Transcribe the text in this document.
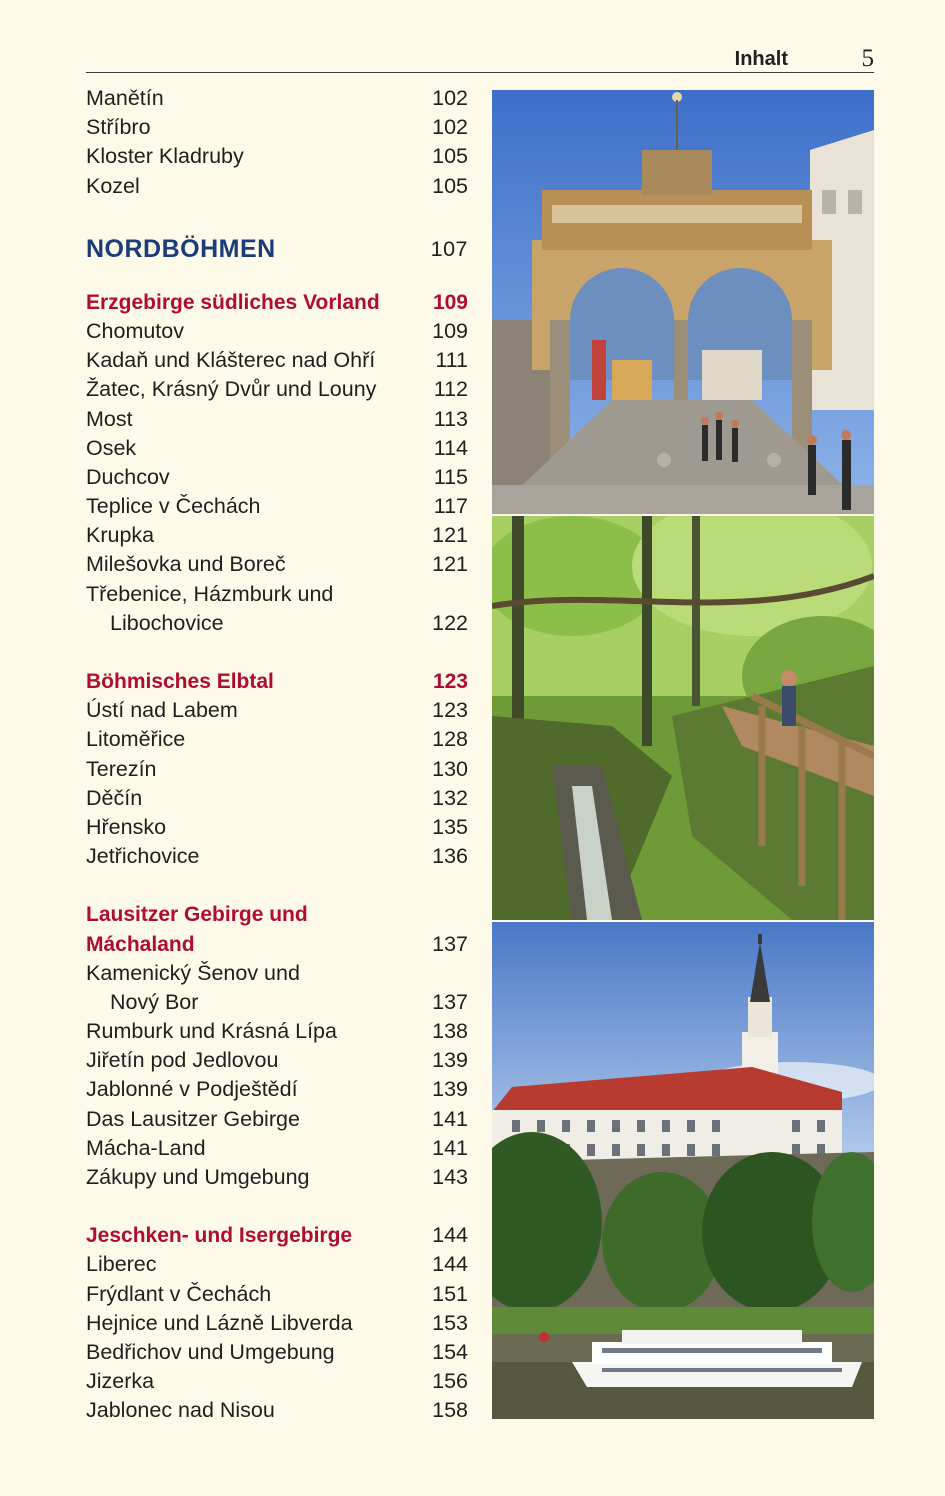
Inhalt	5
Manětín	102
Stříbro	102
Kloster Kladruby	105
Kozel	105
NORDBÖHMEN	107
Erzgebirge südliches Vorland	109
Chomutov	109
Kadaň und Klášterec nad Ohří	111
Žatec, Krásný Dvůr und Louny	112
Most	113
Osek	114
Duchcov	115
Teplice v Čechách	117
Krupka	121
Milešovka und Boreč	121
Třebenice, Házmburk und
Libochovice	122
Böhmisches Elbtal	123
Ústí nad Labem	123
Litoměřice	128
Terezín	130
Děčín	132
Hřensko	135
Jetřichovice	136
Lausitzer Gebirge und
Máchaland	137
Kamenický Šenov und
Nový Bor	137
Rumburk und Krásná Lípa	138
Jiřetín pod Jedlovou	139
Jablonné v Podještědí	139
Das Lausitzer Gebirge	141
Mácha-Land	141
Zákupy und Umgebung	143
Jeschken- und Isergebirge	144
Liberec	144
Frýdlant v Čechách	151
Hejnice und Lázně Libverda	153
Bedřichov und Umgebung	154
Jizerka	156
Jablonec nad Nisou	158
